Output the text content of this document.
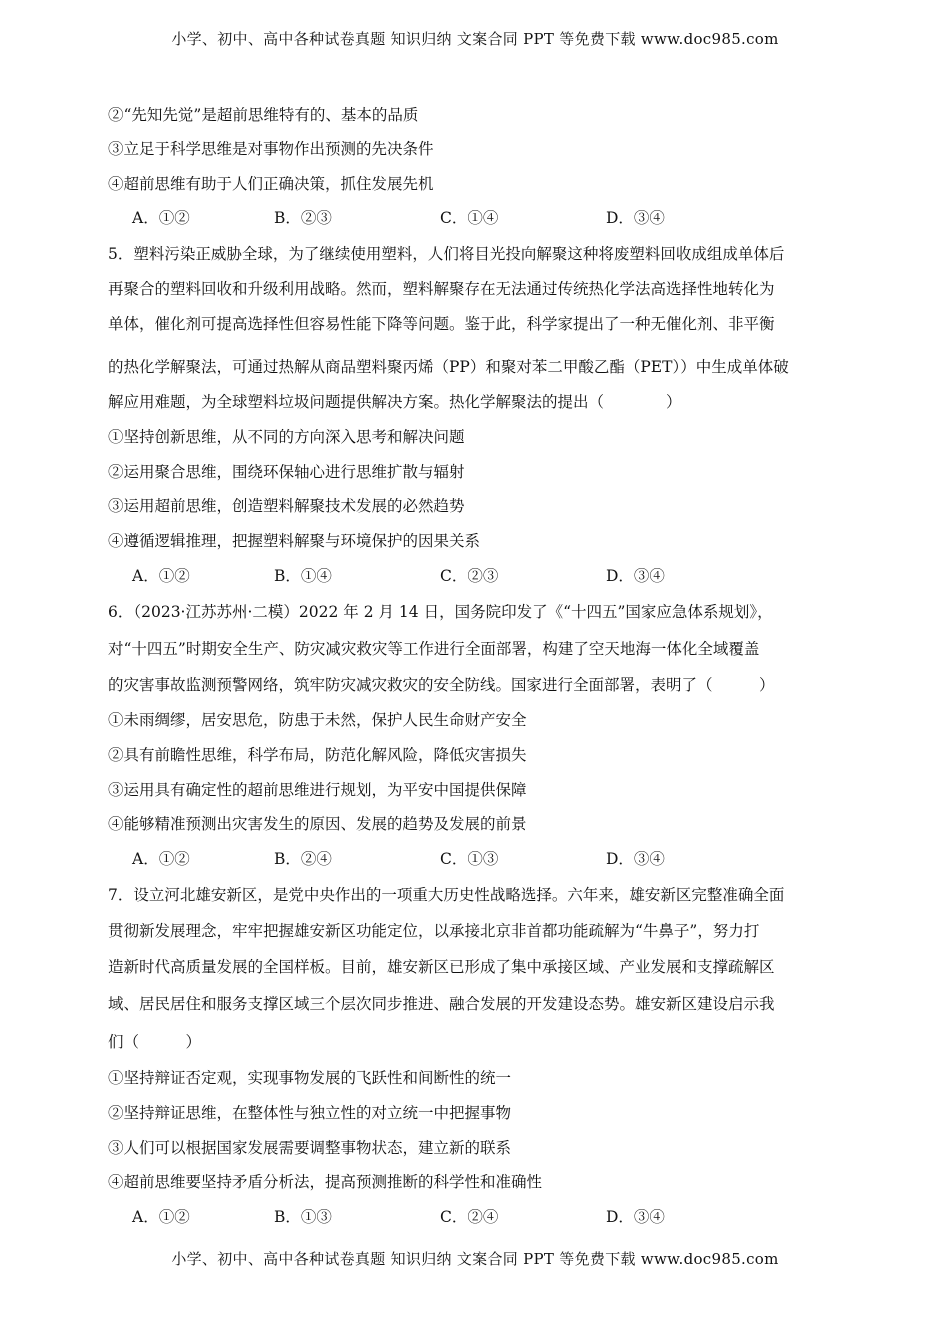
小学、初中、高中各种试卷真题 知识归纳 文案合同 PPT 等免费下载 www.doc985.com
②“先知先觉”是超前思维特有的、基本的品质
③立足于科学思维是对事物作出预测的先决条件
④超前思维有助于人们正确决策，抓住发展先机
A．①②	B．②③	C．①④	D．③④
5．塑料污染正威胁全球，为了继续使用塑料，人们将目光投向解聚这种将废塑料回收成组成单体后
再聚合的塑料回收和升级利用战略。然而，塑料解聚存在无法通过传统热化学法高选择性地转化为
单体，催化剂可提高选择性但容易性能下降等问题。鉴于此，科学家提出了一种无催化剂、非平衡
的热化学解聚法，可通过热解从商品塑料聚丙烯（PP）和聚对苯二甲酸乙酯（PET））中生成单体破
解应用难题，为全球塑料垃圾问题提供解决方案。热化学解聚法的提出（　　　　）
①坚持创新思维，从不同的方向深入思考和解决问题
②运用聚合思维，围绕环保轴心进行思维扩散与辐射
③运用超前思维，创造塑料解聚技术发展的必然趋势
④遵循逻辑推理，把握塑料解聚与环境保护的因果关系
A．①②	B．①④	C．②③	D．③④
6．（2023·江苏苏州·二模）2022 年 2 月 14 日，国务院印发了《“十四五”国家应急体系规划》，
对“十四五”时期安全生产、防灾减灾救灾等工作进行全面部署，构建了空天地海一体化全域覆盖
的灾害事故监测预警网络，筑牢防灾减灾救灾的安全防线。国家进行全面部署，表明了（　　　）
①未雨绸缪，居安思危，防患于未然，保护人民生命财产安全
②具有前瞻性思维，科学布局，防范化解风险，降低灾害损失
③运用具有确定性的超前思维进行规划，为平安中国提供保障
④能够精准预测出灾害发生的原因、发展的趋势及发展的前景
A．①②	B．②④	C．①③	D．③④
7．设立河北雄安新区，是党中央作出的一项重大历史性战略选择。六年来，雄安新区完整准确全面
贯彻新发展理念，牢牢把握雄安新区功能定位，以承接北京非首都功能疏解为“牛鼻子”，努力打
造新时代高质量发展的全国样板。目前，雄安新区已形成了集中承接区域、产业发展和支撑疏解区
域、居民居住和服务支撑区域三个层次同步推进、融合发展的开发建设态势。雄安新区建设启示我
们（　　　）
①坚持辩证否定观，实现事物发展的飞跃性和间断性的统一
②坚持辩证思维，在整体性与独立性的对立统一中把握事物
③人们可以根据国家发展需要调整事物状态，建立新的联系
④超前思维要坚持矛盾分析法，提高预测推断的科学性和准确性
A．①②	B．①③	C．②④	D．③④
小学、初中、高中各种试卷真题 知识归纳 文案合同 PPT 等免费下载 www.doc985.com
